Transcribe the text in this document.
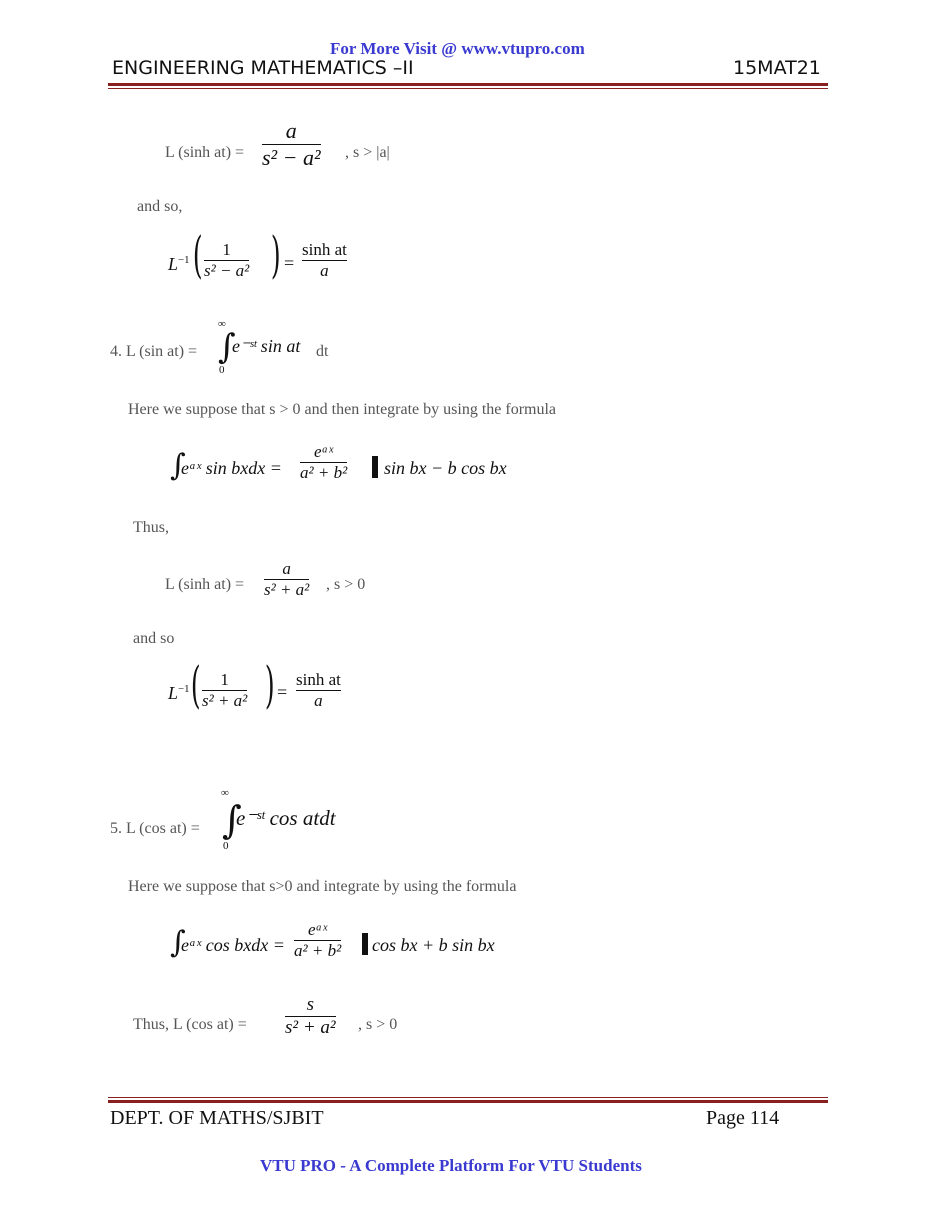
For More Visit @ www.vtupro.com
ENGINEERING MATHEMATICS –II	15MAT21
L (sinh at) =
a
s² − a² , s > |a|
and so,
$L^{-1}$ ( 1
s² − a² ) =
sinh at
a
4. L (sin at) =
∞
∫
0
e⁻ˢᵗ sin at dt
Here we suppose that s > 0 and then integrate by using the formula
∫
eᵃˣ sin bxdx =
eᵃˣ
a² + b² sin bx − b cos bx
Thus,
L (sinh at) =
a
s² + a² , s > 0
and so
$L^{-1}$ ( 1
s² + a² ) =
sinh at
a
5. L (cos at) =
∞
∫
0
e⁻ˢᵗ cos atdt
Here we suppose that s>0 and integrate by using the formula
∫
eᵃˣ cos bxdx =
eᵃˣ
a² + b² cos bx + b sin bx
Thus, L (cos at) =
s
s² + a² , s > 0
DEPT. OF MATHS/SJBIT	Page 114
VTU PRO - A Complete Platform For VTU Students
